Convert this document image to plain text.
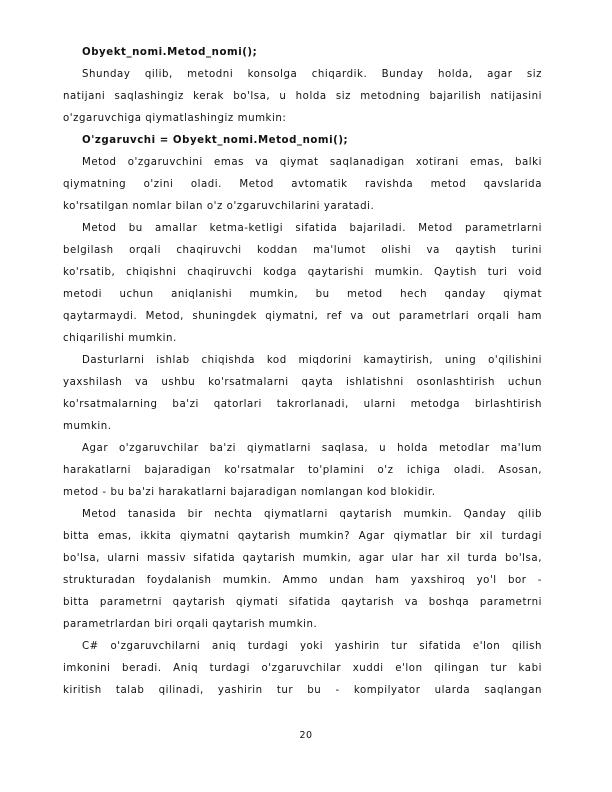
Obyekt_nomi.Metod_nomi();
Shunday qilib, metodni konsolga chiqardik. Bunday holda, agar siz
natijani saqlashingiz kerak bo'lsa, u holda siz metodning bajarilish natijasini
o'zgaruvchiga qiymatlashingiz mumkin:
O'zgaruvchi = Obyekt_nomi.Metod_nomi();
Metod o'zgaruvchini emas va qiymat saqlanadigan xotirani emas, balki
qiymatning o'zini oladi. Metod avtomatik ravishda metod qavslarida
ko'rsatilgan nomlar bilan o'z o'zgaruvchilarini yaratadi.
Metod bu amallar ketma-ketligi sifatida bajariladi. Metod parametrlarni
belgilash orqali chaqiruvchi koddan ma'lumot olishi va qaytish turini
ko'rsatib, chiqishni chaqiruvchi kodga qaytarishi mumkin. Qaytish turi void
metodi uchun aniqlanishi mumkin, bu metod hech qanday qiymat
qaytarmaydi. Metod, shuningdek qiymatni, ref va out parametrlari orqali ham
chiqarilishi mumkin.
Dasturlarni ishlab chiqishda kod miqdorini kamaytirish, uning o'qilishini
yaxshilash va ushbu ko'rsatmalarni qayta ishlatishni osonlashtirish uchun
ko'rsatmalarning ba'zi qatorlari takrorlanadi, ularni metodga birlashtirish
mumkin.
Agar o'zgaruvchilar ba'zi qiymatlarni saqlasa, u holda metodlar ma'lum
harakatlarni bajaradigan ko'rsatmalar to'plamini o'z ichiga oladi. Asosan,
metod - bu ba'zi harakatlarni bajaradigan nomlangan kod blokidir.
Metod tanasida bir nechta qiymatlarni qaytarish mumkin. Qanday qilib
bitta emas, ikkita qiymatni qaytarish mumkin? Agar qiymatlar bir xil turdagi
bo'lsa, ularni massiv sifatida qaytarish mumkin, agar ular har xil turda bo'lsa,
strukturadan foydalanish mumkin. Ammo undan ham yaxshiroq yo'l bor -
bitta parametrni qaytarish qiymati sifatida qaytarish va boshqa parametrni
parametrlardan biri orqali qaytarish mumkin.
C# o'zgaruvchilarni aniq turdagi yoki yashirin tur sifatida e'lon qilish
imkonini beradi. Aniq turdagi o'zgaruvchilar xuddi e'lon qilingan tur kabi
kiritish talab qilinadi, yashirin tur bu - kompilyator ularda saqlangan
20
